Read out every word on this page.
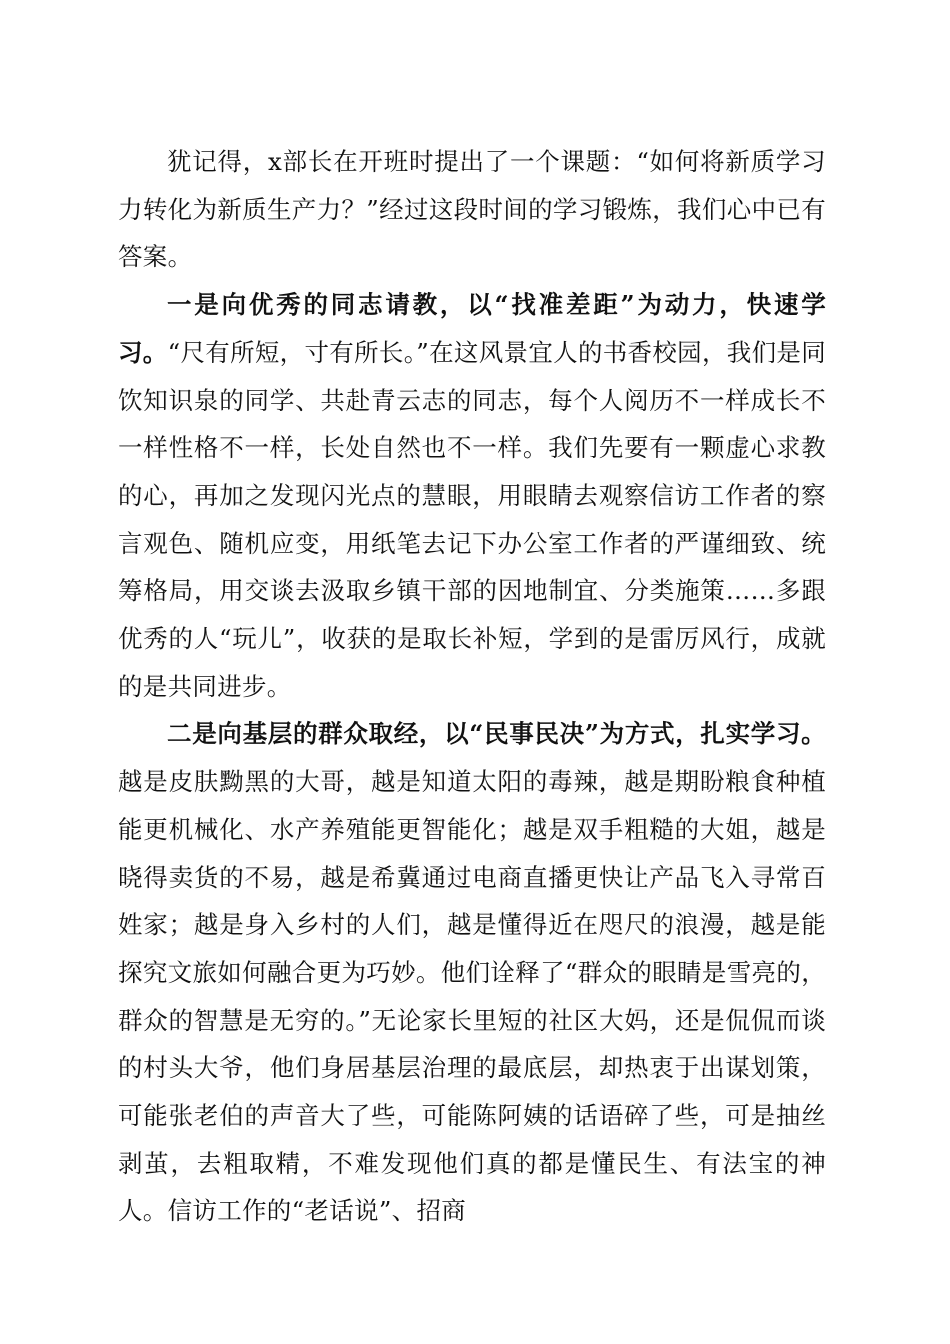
犹记得，x部长在开班时提出了一个课题：“如何将新质学习力转化为新质生产力？”经过这段时间的学习锻炼，我们心中已有答案。

一是向优秀的同志请教，以“找准差距”为动力，快速学习。“尺有所短，寸有所长。”在这风景宜人的书香校园，我们是同饮知识泉的同学、共赴青云志的同志，每个人阅历不一样成长不一样性格不一样，长处自然也不一样。我们先要有一颗虚心求教的心，再加之发现闪光点的慧眼，用眼睛去观察信访工作者的察言观色、随机应变，用纸笔去记下办公室工作者的严谨细致、统筹格局，用交谈去汲取乡镇干部的因地制宜、分类施策……多跟优秀的人“玩儿”，收获的是取长补短，学到的是雷厉风行，成就的是共同进步。

二是向基层的群众取经，以“民事民决”为方式，扎实学习。越是皮肤黝黑的大哥，越是知道太阳的毒辣，越是期盼粮食种植能更机械化、水产养殖能更智能化；越是双手粗糙的大姐，越是晓得卖货的不易，越是希冀通过电商直播更快让产品飞入寻常百姓家；越是身入乡村的人们，越是懂得近在咫尺的浪漫，越是能探究文旅如何融合更为巧妙。他们诠释了“群众的眼睛是雪亮的，群众的智慧是无穷的。”无论家长里短的社区大妈，还是侃侃而谈的村头大爷，他们身居基层治理的最底层，却热衷于出谋划策，可能张老伯的声音大了些，可能陈阿姨的话语碎了些，可是抽丝剥茧，去粗取精，不难发现他们真的都是懂民生、有法宝的神人。信访工作的“老话说”、招商
